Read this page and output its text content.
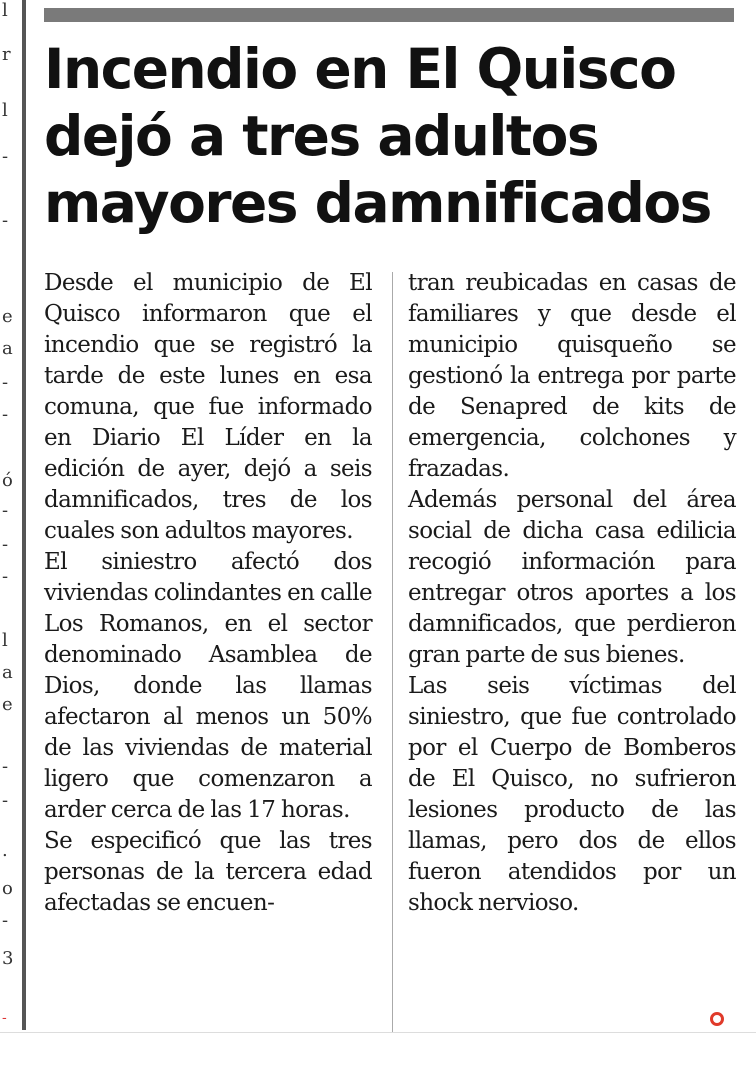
l
r
l
-
-
e
a
-
-
ó
-
-
-
l
a
e
-
-
.
o
-
3
-
Incendio en El Quisco
dejó a tres adultos
mayores damnificados

Desde el municipio de El Quisco informaron que el incendio que se registró la tarde de este lunes en esa comuna, que fue informado en Diario El Líder en la edición de ayer, dejó a seis damnificados, tres de los cuales son adultos mayores.

El siniestro afectó dos viviendas colindantes en calle Los Romanos, en el sector denominado Asamblea de Dios, donde las llamas afectaron al menos un 50% de las viviendas de material ligero que comenzaron a arder cerca de las 17 horas.

Se especificó que las tres personas de la tercera edad afectadas se encuen-

tran reubicadas en casas de familiares y que desde el municipio quisqueño se gestionó la entrega por parte de Senapred de kits de emergencia, colchones y frazadas.

Además personal del área social de dicha casa edilicia recogió información para entregar otros aportes a los damnificados, que perdieron gran parte de sus bienes.

Las seis víctimas del siniestro, que fue controlado por el Cuerpo de Bomberos de El Quisco, no sufrieron lesiones producto de las llamas, pero dos de ellos fueron atendidos por un shock nervioso.
